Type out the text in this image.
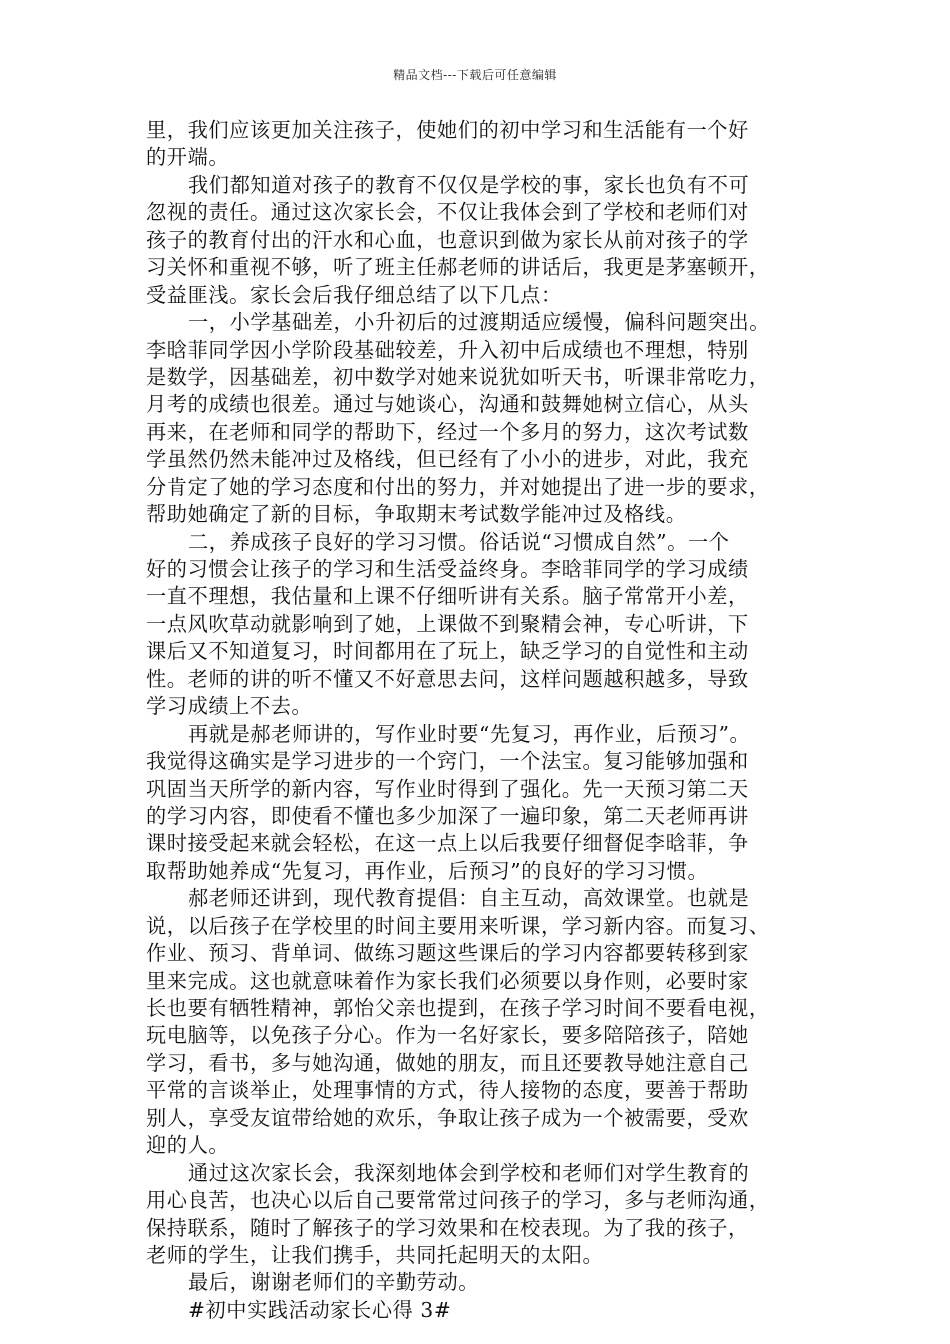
精品文档---下载后可任意编辑
里，我们应该更加关注孩子，使她们的初中学习和生活能有一个好
的开端。
我们都知道对孩子的教育不仅仅是学校的事，家长也负有不可
忽视的责任。通过这次家长会，不仅让我体会到了学校和老师们对
孩子的教育付出的汗水和心血，也意识到做为家长从前对孩子的学
习关怀和重视不够，听了班主任郝老师的讲话后，我更是茅塞顿开，
受益匪浅。家长会后我仔细总结了以下几点：
一，小学基础差，小升初后的过渡期适应缓慢，偏科问题突出。
李晗菲同学因小学阶段基础较差，升入初中后成绩也不理想，特别
是数学，因基础差，初中数学对她来说犹如听天书，听课非常吃力，
月考的成绩也很差。通过与她谈心，沟通和鼓舞她树立信心，从头
再来，在老师和同学的帮助下，经过一个多月的努力，这次考试数
学虽然仍然未能冲过及格线，但已经有了小小的进步，对此，我充
分肯定了她的学习态度和付出的努力，并对她提出了进一步的要求，
帮助她确定了新的目标，争取期末考试数学能冲过及格线。
二，养成孩子良好的学习习惯。俗话说“习惯成自然”。一个
好的习惯会让孩子的学习和生活受益终身。李晗菲同学的学习成绩
一直不理想，我估量和上课不仔细听讲有关系。脑子常常开小差，
一点风吹草动就影响到了她，上课做不到聚精会神，专心听讲，下
课后又不知道复习，时间都用在了玩上，缺乏学习的自觉性和主动
性。老师的讲的听不懂又不好意思去问，这样问题越积越多，导致
学习成绩上不去。
再就是郝老师讲的，写作业时要“先复习，再作业，后预习”。
我觉得这确实是学习进步的一个窍门，一个法宝。复习能够加强和
巩固当天所学的新内容，写作业时得到了强化。先一天预习第二天
的学习内容，即使看不懂也多少加深了一遍印象，第二天老师再讲
课时接受起来就会轻松，在这一点上以后我要仔细督促李晗菲，争
取帮助她养成“先复习，再作业，后预习”的良好的学习习惯。
郝老师还讲到，现代教育提倡：自主互动，高效课堂。也就是
说，以后孩子在学校里的时间主要用来听课，学习新内容。而复习、
作业、预习、背单词、做练习题这些课后的学习内容都要转移到家
里来完成。这也就意味着作为家长我们必须要以身作则，必要时家
长也要有牺牲精神，郭怡父亲也提到，在孩子学习时间不要看电视，
玩电脑等，以免孩子分心。作为一名好家长，要多陪陪孩子，陪她
学习，看书，多与她沟通，做她的朋友，而且还要教导她注意自己
平常的言谈举止，处理事情的方式，待人接物的态度，要善于帮助
别人，享受友谊带给她的欢乐，争取让孩子成为一个被需要，受欢
迎的人。
通过这次家长会，我深刻地体会到学校和老师们对学生教育的
用心良苦，也决心以后自己要常常过问孩子的学习，多与老师沟通，
保持联系，随时了解孩子的学习效果和在校表现。为了我的孩子，
老师的学生，让我们携手，共同托起明天的太阳。
最后，谢谢老师们的辛勤劳动。
#初中实践活动家长心得 3#
